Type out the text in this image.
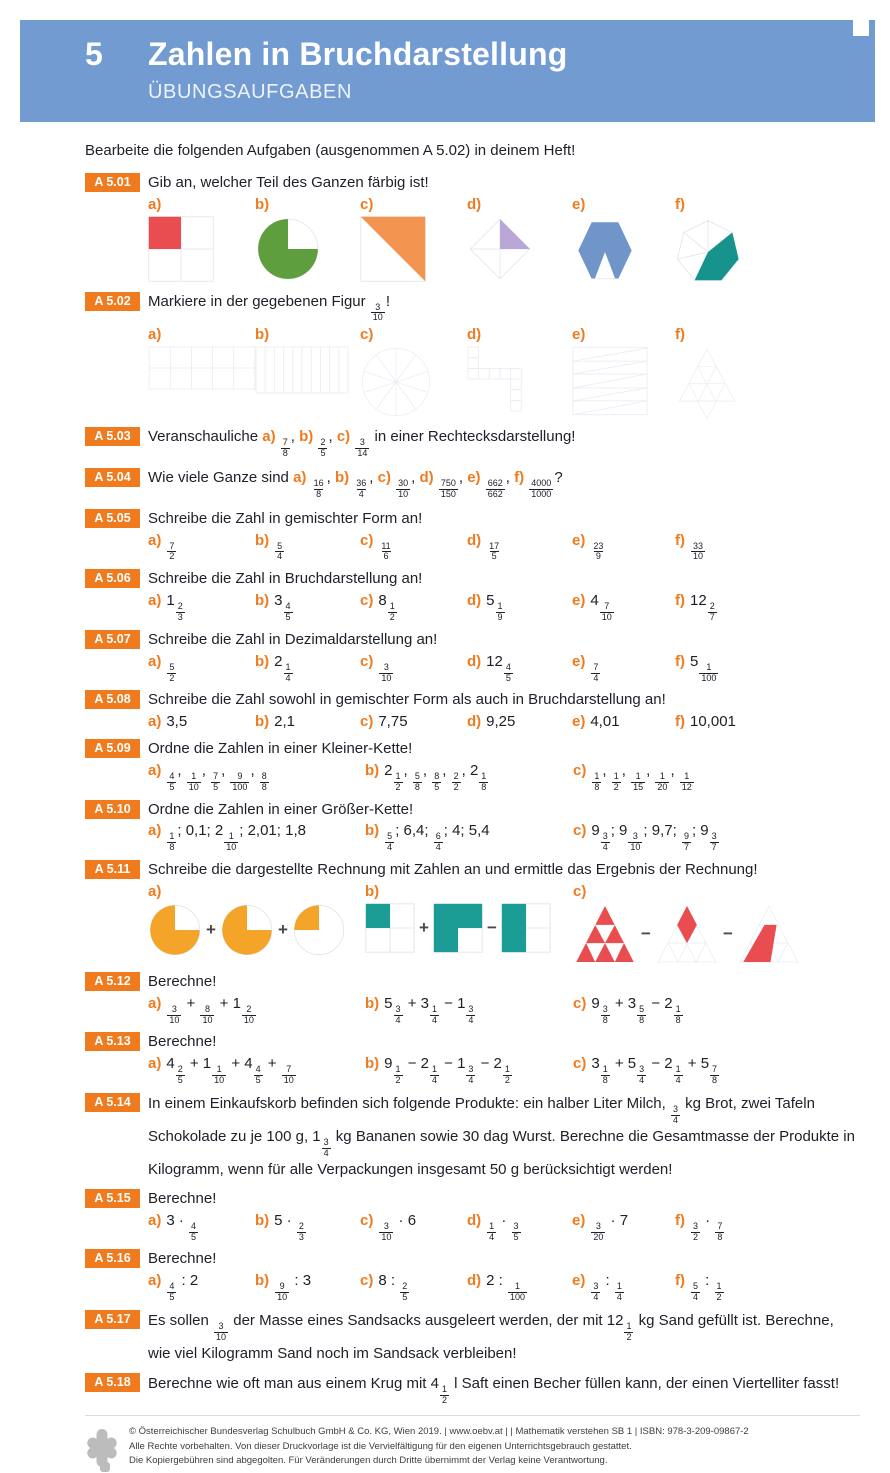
5	Zahlen in Bruchdarstellung
ÜBUNGSAUFGABEN
Bearbeite die folgenden Aufgaben (ausgenommen A 5.02) in deinem Heft!
A 5.01	Gib an, welcher Teil des Ganzen färbig ist!
a)	b)	c)	d)	e)	f)
A 5.02	Markiere in der gegebenen Figur
$\frac{3}{10}$
!
a)	b)	c)	d)	e)	f)
A 5.03	Veranschauliche a)
$\frac{7}{8}$
, b)
$\frac{2}{5}$
, c)
$\frac{3}{14}$
in einer Rechtecksdarstellung!
A 5.04	Wie viele Ganze sind a)
$\frac{16}{8}$
, b)
$\frac{36}{4}$
, c)
$\frac{30}{10}$
, d)
$\frac{750}{150}$
, e)
$\frac{662}{662}$
, f)
$\frac{4000}{1000}$
?
A 5.05	Schreibe die Zahl in gemischter Form an!
a)
$\frac{7}{2}$
b)
$\frac{5}{4}$
c)
$\frac{11}{6}$
d)
$\frac{17}{5}$
e)
$\frac{23}{9}$
f)
$\frac{33}{10}$
A 5.06	Schreibe die Zahl in Bruchdarstellung an!
a) 1
$\frac{2}{3}$
b) 3
$\frac{4}{5}$
c) 8
$\frac{1}{2}$
d) 5
$\frac{1}{9}$
e) 4
$\frac{7}{10}$
f) 12
$\frac{2}{7}$
A 5.07	Schreibe die Zahl in Dezimaldarstellung an!
a)
$\frac{5}{2}$
b) 2
$\frac{1}{4}$
c)
$\frac{3}{10}$
d) 12
$\frac{4}{5}$
e)
$\frac{7}{4}$
f) 5
$\frac{1}{100}$
A 5.08	Schreibe die Zahl sowohl in gemischter Form als auch in Bruchdarstellung an!
a) 3,5	b) 2,1	c) 7,75	d) 9,25	e) 4,01	f) 10,001
A 5.09	Ordne die Zahlen in einer Kleiner-Kette!
a)
$\frac{4}{5}$
,
$\frac{1}{10}$
,
$\frac{7}{5}$
,
$\frac{9}{100}$
,
$\frac{8}{8}$
b) 2
$\frac{1}{2}$
,
$\frac{5}{8}$
,
$\frac{8}{5}$
,
$\frac{2}{2}$
, 2
$\frac{1}{8}$
c)
$\frac{1}{8}$
,
$\frac{1}{2}$
,
$\frac{1}{15}$
,
$\frac{1}{20}$
,
$\frac{1}{12}$
A 5.10	Ordne die Zahlen in einer Größer-Kette!
a)
$\frac{1}{8}$
; 0,1; 2
$\frac{1}{10}$
; 2,01; 1,8	b)
$\frac{5}{4}$
; 6,4;
$\frac{6}{4}$
; 4; 5,4	c) 9
$\frac{3}{4}$
; 9
$\frac{3}{10}$
; 9,7;
$\frac{9}{7}$
; 9
$\frac{3}{7}$
A 5.11	Schreibe die dargestellte Rechnung mit Zahlen an und ermittle das Ergebnis der Rechnung!
a)
+	+
b)
+	−
c)
−	−
A 5.12	Berechne!
a)
$\frac{3}{10}$
+
$\frac{8}{10}$
+ 1
$\frac{2}{10}$
b) 5
$\frac{3}{4}$
+ 3
$\frac{1}{4}$
− 1
$\frac{3}{4}$
c) 9
$\frac{3}{8}$
+ 3
$\frac{5}{8}$
− 2
$\frac{1}{8}$
A 5.13	Berechne!
a) 4
$\frac{2}{5}$
+ 1
$\frac{1}{10}$
+ 4
$\frac{4}{5}$
+
$\frac{7}{10}$
b) 9
$\frac{1}{2}$
− 2
$\frac{1}{4}$
− 1
$\frac{3}{4}$
− 2
$\frac{1}{2}$
c) 3
$\frac{1}{8}$
+ 5
$\frac{3}{4}$
− 2
$\frac{1}{4}$
+ 5
$\frac{7}{8}$
A 5.14	In einem Einkaufskorb befinden sich folgende Produkte: ein halber Liter Milch,
$\frac{3}{4}$
kg Brot, zwei Tafeln Schokolade zu je 100 g, 1
$\frac{3}{4}$
kg Bananen sowie 30 dag Wurst. Berechne die Gesamtmasse der Produkte in Kilogramm, wenn für alle Verpackungen insgesamt 50 g berücksichtigt werden!
A 5.15	Berechne!
a) 3 ·
$\frac{4}{5}$
b) 5 ·
$\frac{2}{3}$
c)
$\frac{3}{10}$
· 6	d)
$\frac{1}{4}$
·
$\frac{3}{5}$
e)
$\frac{3}{20}$
· 7	f)
$\frac{3}{2}$
·
$\frac{7}{8}$
A 5.16	Berechne!
a)
$\frac{4}{5}$
: 2	b)
$\frac{9}{10}$
: 3	c) 8 :
$\frac{2}{5}$
d) 2 :
$\frac{1}{100}$
e)
$\frac{3}{4}$
:
$\frac{1}{4}$
f)
$\frac{5}{4}$
:
$\frac{1}{2}$
A 5.17	Es sollen
$\frac{3}{10}$
der Masse eines Sandsacks ausgeleert werden, der mit 12
$\frac{1}{2}$
kg Sand gefüllt ist. Berechne, wie viel Kilogramm Sand noch im Sandsack verbleiben!
A 5.18	Berechne wie oft man aus einem Krug mit 4
$\frac{1}{2}$
l Saft einen Becher füllen kann, der einen Viertelliter fasst!
© Österreichischer Bundesverlag Schulbuch GmbH & Co. KG, Wien 2019. | www.oebv.at | | Mathematik verstehen SB 1 | ISBN: 978-3-209-09867-2
Alle Rechte vorbehalten. Von dieser Druckvorlage ist die Vervielfältigung für den eigenen Unterrichtsgebrauch gestattet.
Die Kopiergebühren sind abgegolten. Für Veränderungen durch Dritte übernimmt der Verlag keine Verantwortung.
